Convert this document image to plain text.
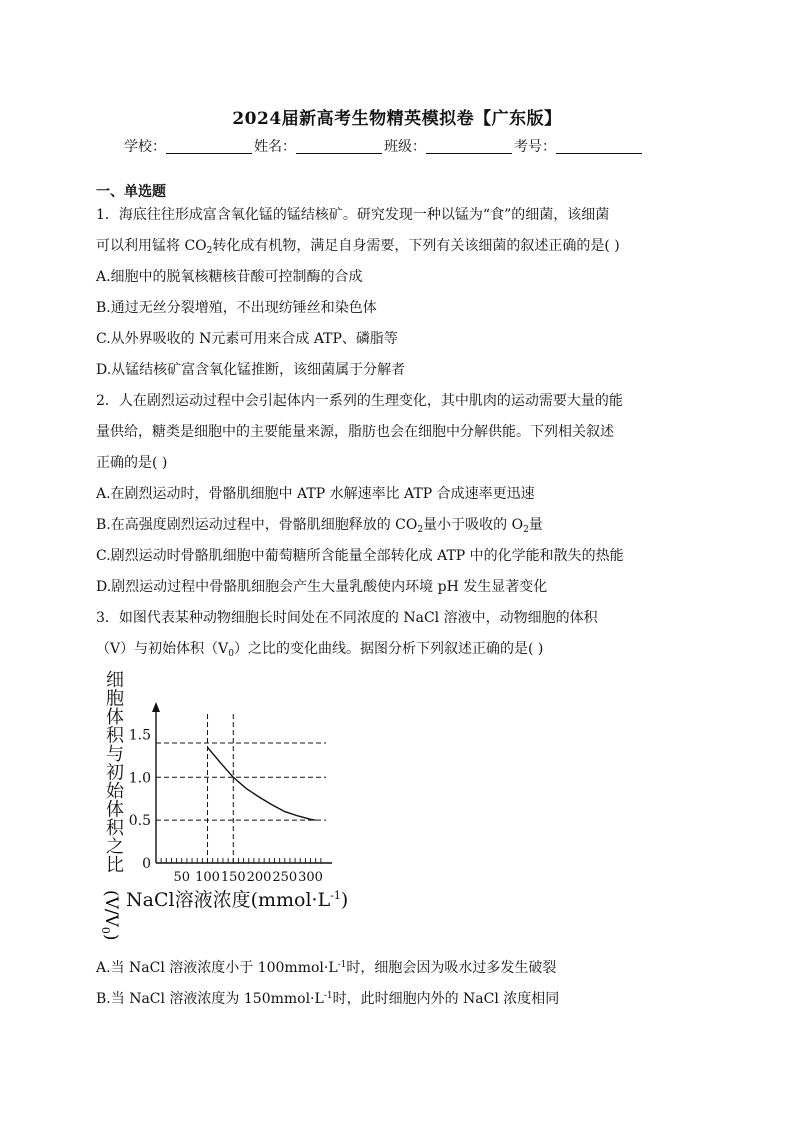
2024届新高考生物精英模拟卷【广东版】
学校：	姓名：	班级：	考号：
一、单选题
1．海底往往形成富含氧化锰的锰结核矿。研究发现一种以锰为“食”的细菌，该细菌
可以利用锰将 $CO_2$转化成有机物，满足自身需要，下列有关该细菌的叙述正确的是( )
A.细胞中的脱氧核糖核苷酸可控制酶的合成
B.通过无丝分裂增殖，不出现纺锤丝和染色体
C.从外界吸收的 N元素可用来合成 ATP、磷脂等
D.从锰结核矿富含氧化锰推断，该细菌属于分解者
2．人在剧烈运动过程中会引起体内一系列的生理变化，其中肌肉的运动需要大量的能
量供给，糖类是细胞中的主要能量来源，脂肪也会在细胞中分解供能。下列相关叙述
正确的是( )
A.在剧烈运动时，骨骼肌细胞中 ATP 水解速率比 ATP 合成速率更迅速
B.在高强度剧烈运动过程中，骨骼肌细胞释放的 $CO_2$量小于吸收的 $O_2$量
C.剧烈运动时骨骼肌细胞中葡萄糖所含能量全部转化成 ATP 中的化学能和散失的热能
D.剧烈运动过程中骨骼肌细胞会产生大量乳酸使内环境 pH 发生显著变化
3．如图代表某种动物细胞长时间处在不同浓度的 NaCl 溶液中，动物细胞的体积
（V）与初始体积$(V_0)$之比的变化曲线。据图分析下列叙述正确的是( )
细
胞
体
积
与
初
始
体
积
之
比
$(V/V_0)$
50 100 150 200 250 300
0
0.5
1.0
1.5
NaCl溶液浓度$(mmol\cdot L^{-1})$
A.当 NaCl 溶液浓度小于 $100mmol\cdot L^{-1}$时，细胞会因为吸水过多发生破裂
B.当 NaCl 溶液浓度为 $150mmol\cdot L^{-1}$时，此时细胞内外的 NaCl 浓度相同
